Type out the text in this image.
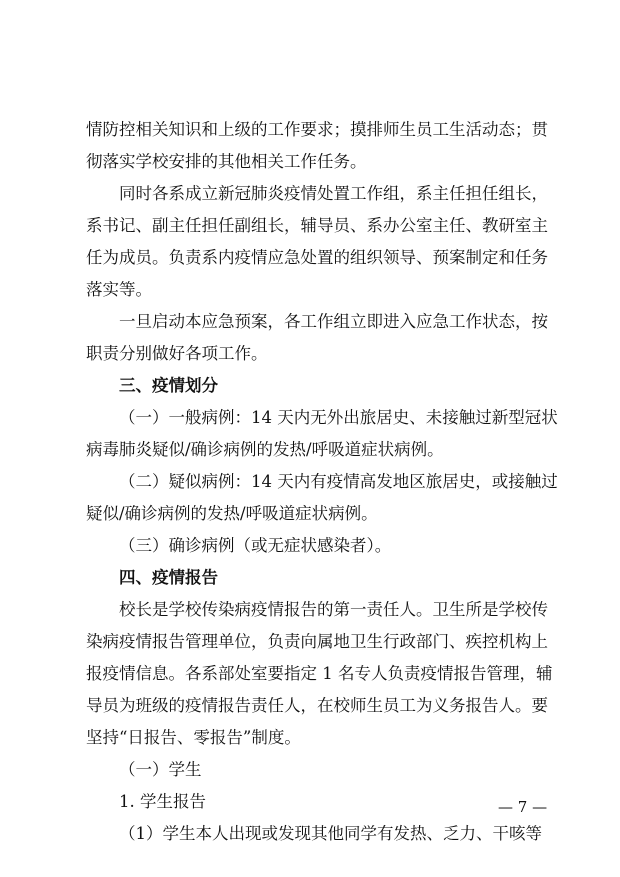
情防控相关知识和上级的工作要求；摸排师生员工生活动态；贯
彻落实学校安排的其他相关工作任务。
同时各系成立新冠肺炎疫情处置工作组，系主任担任组长，
系书记、副主任担任副组长，辅导员、系办公室主任、教研室主
任为成员。负责系内疫情应急处置的组织领导、预案制定和任务
落实等。
一旦启动本应急预案，各工作组立即进入应急工作状态，按
职责分别做好各项工作。
三、疫情划分
（一）一般病例：14 天内无外出旅居史、未接触过新型冠状
病毒肺炎疑似/确诊病例的发热/呼吸道症状病例。
（二）疑似病例：14 天内有疫情高发地区旅居史，或接触过
疑似/确诊病例的发热/呼吸道症状病例。
（三）确诊病例（或无症状感染者）。
四、疫情报告
校长是学校传染病疫情报告的第一责任人。卫生所是学校传
染病疫情报告管理单位，负责向属地卫生行政部门、疾控机构上
报疫情信息。各系部处室要指定 1 名专人负责疫情报告管理，辅
导员为班级的疫情报告责任人，在校师生员工为义务报告人。要
坚持“日报告、零报告”制度。
（一）学生
1. 学生报告
（1）学生本人出现或发现其他同学有发热、乏力、干咳等
— 7 —
